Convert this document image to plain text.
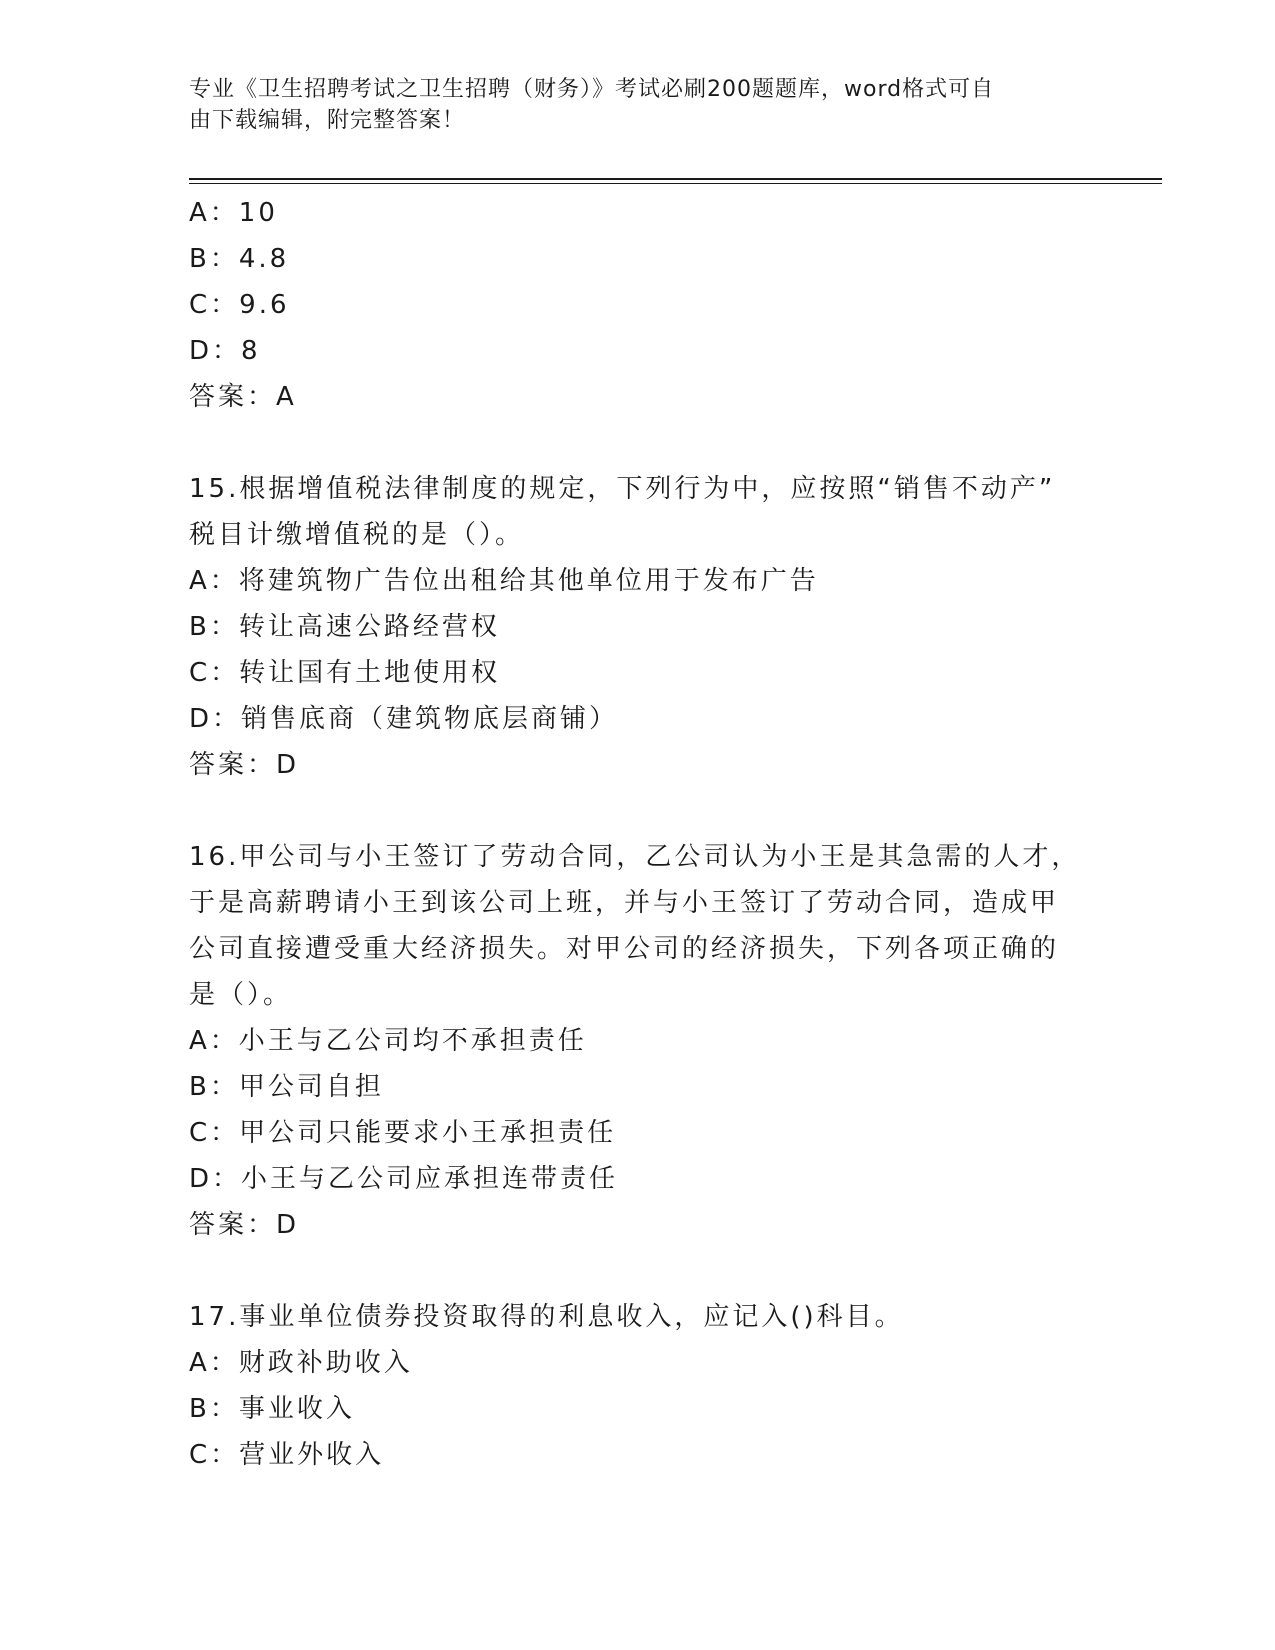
专业《卫生招聘考试之卫生招聘（财务）》考试必刷200题题库，word格式可自
由下载编辑，附完整答案！
A：10
B：4.8
C：9.6
D：8
答案：A
15.根据增值税法律制度的规定，下列行为中，应按照“销售不动产”
税目计缴增值税的是（）。
A：将建筑物广告位出租给其他单位用于发布广告
B：转让高速公路经营权
C：转让国有土地使用权
D：销售底商（建筑物底层商铺）
答案：D
16.甲公司与小王签订了劳动合同，乙公司认为小王是其急需的人才，
于是高薪聘请小王到该公司上班，并与小王签订了劳动合同，造成甲
公司直接遭受重大经济损失。对甲公司的经济损失，下列各项正确的
是（）。
A：小王与乙公司均不承担责任
B：甲公司自担
C：甲公司只能要求小王承担责任
D：小王与乙公司应承担连带责任
答案：D
17.事业单位债券投资取得的利息收入，应记入()科目。
A：财政补助收入
B：事业收入
C：营业外收入
